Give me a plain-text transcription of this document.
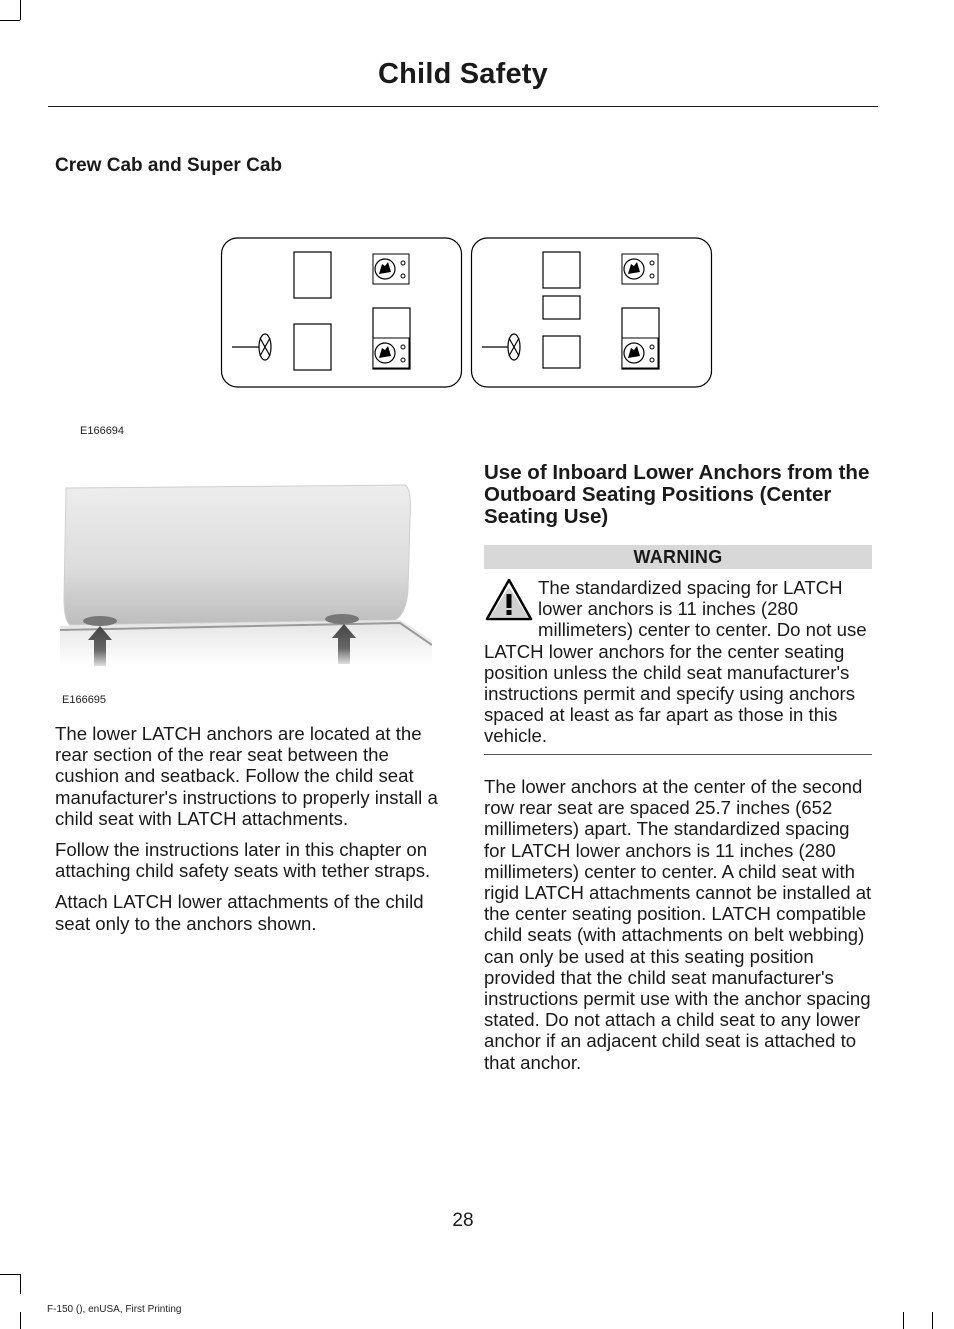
Child Safety
Crew Cab and Super Cab
E166694
E166695

The lower LATCH anchors are located at the rear section of the rear seat between the cushion and seatback. Follow the child seat manufacturer's instructions to properly install a child seat with LATCH attachments.

Follow the instructions later in this chapter on attaching child safety seats with tether straps.

Attach LATCH lower attachments of the child seat only to the anchors shown.

Use of Inboard Lower Anchors from the Outboard Seating Positions (Center Seating Use)
WARNING
The standardized spacing for LATCH lower anchors is 11 inches (280 millimeters) center to center. Do not use LATCH lower anchors for the center seating position unless the child seat manufacturer's instructions permit and specify using anchors spaced at least as far apart as those in this vehicle.
The lower anchors at the center of the second row rear seat are spaced 25.7 inches (652 millimeters) apart. The standardized spacing for LATCH lower anchors is 11 inches (280 millimeters) center to center. A child seat with rigid LATCH attachments cannot be installed at the center seating position. LATCH compatible child seats (with attachments on belt webbing) can only be used at this seating position provided that the child seat manufacturer's instructions permit use with the anchor spacing stated. Do not attach a child seat to any lower anchor if an adjacent child seat is attached to that anchor.
28
F-150 (), enUSA, First Printing
